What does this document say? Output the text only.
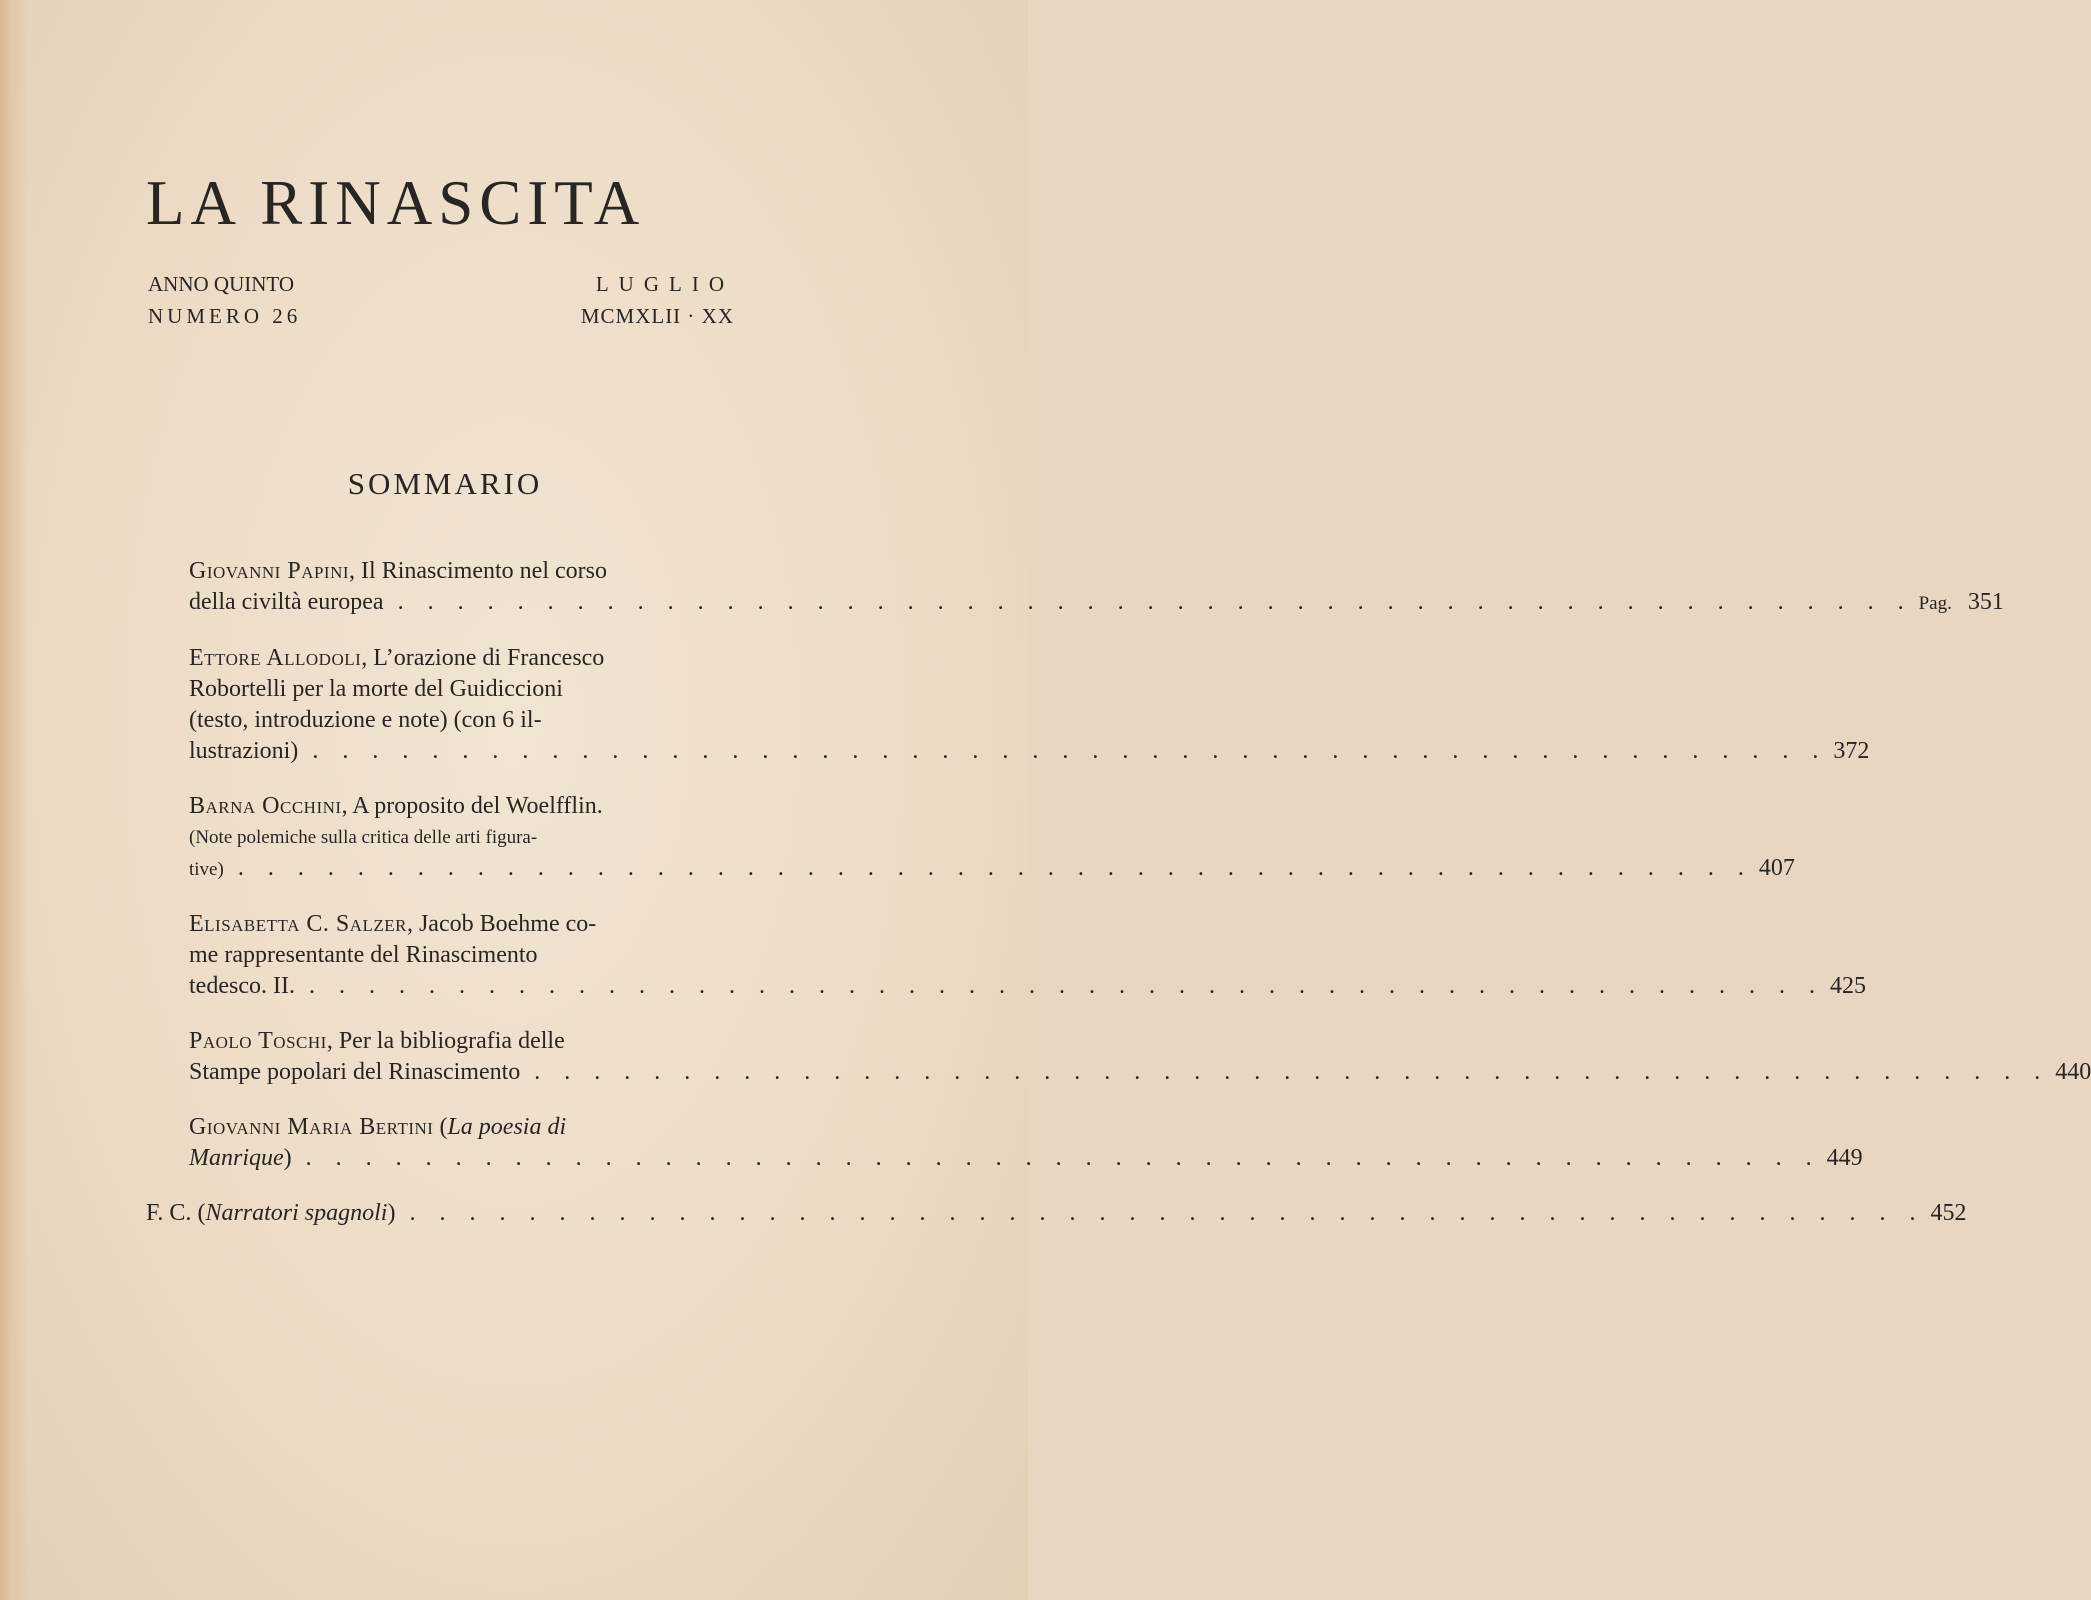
LA RINASCITA
ANNO QUINTO
NUMERO 26
LUGLIO
MCMXLII · XX
SOMMARIO
Giovanni Papini, Il Rinascimento nel corso
della civiltà europea . . . . . . . . . . . . . . . . . . . . . . . . . . . . . . . . . . . . . . . . . . . . . . . . . . . Pag. 351
Ettore Allodoli, L’orazione di Francesco
Robortelli per la morte del Guidiccioni
(testo, introduzione e note) (con 6 il-
lustrazioni) . . . . . . . . . . . . . . . . . . . . . . . . . . . . . . . . . . . . . . . . . . . . . . . . . . . 372
Barna Occhini, A proposito del Woelfflin.
(Note polemiche sulla critica delle arti figura-
tive) . . . . . . . . . . . . . . . . . . . . . . . . . . . . . . . . . . . . . . . . . . . . . . . . . . . 407
Elisabetta C. Salzer, Jacob Boehme co-
me rappresentante del Rinascimento
tedesco. II. . . . . . . . . . . . . . . . . . . . . . . . . . . . . . . . . . . . . . . . . . . . . . . . . . . . 425
Paolo Toschi, Per la bibliografia delle
Stampe popolari del Rinascimento . . . . . . . . . . . . . . . . . . . . . . . . . . . . . . . . . . . . . . . . . . . . . . . . . . . 440
Giovanni Maria Bertini (La poesia di
Manrique) . . . . . . . . . . . . . . . . . . . . . . . . . . . . . . . . . . . . . . . . . . . . . . . . . . . 449
F. C. (Narratori spagnoli) . . . . . . . . . . . . . . . . . . . . . . . . . . . . . . . . . . . . . . . . . . . . . . . . . . . 452
